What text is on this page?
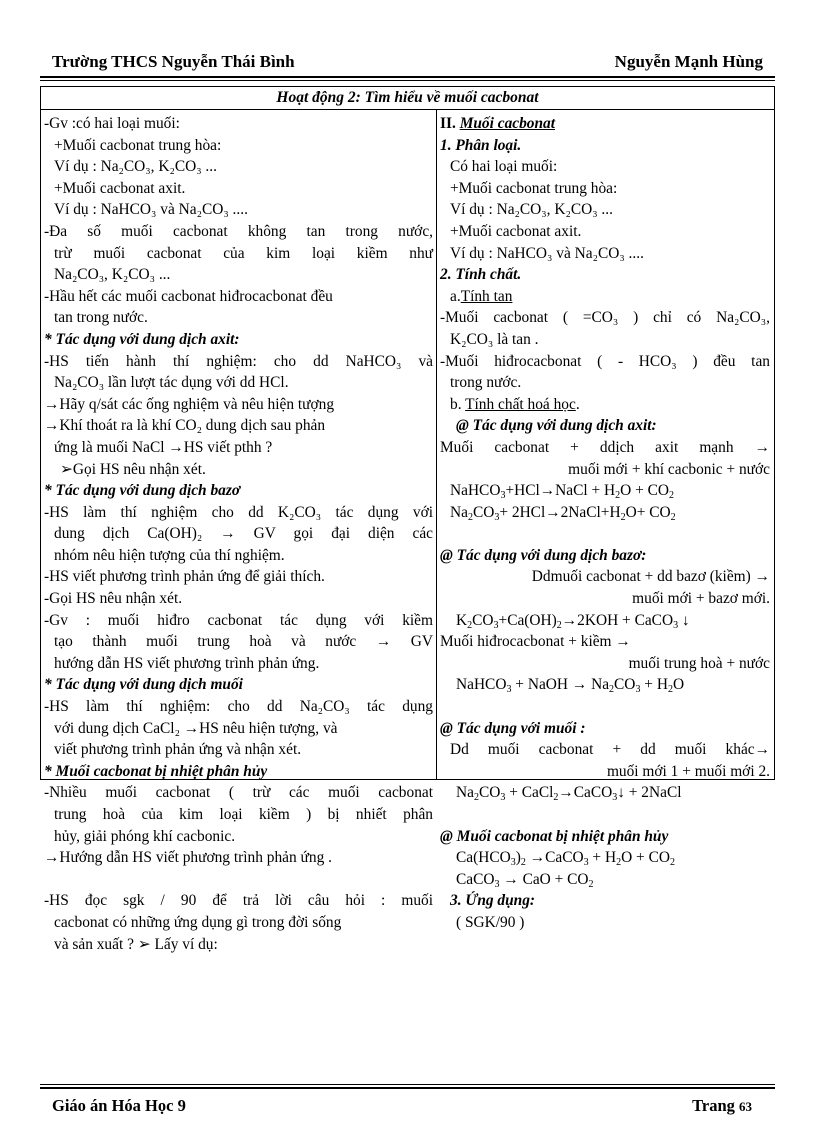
Trường THCS Nguyễn Thái Bình	Nguyễn Mạnh Hùng
Hoạt động 2: Tìm hiểu về muối cacbonat
-Gv :có hai loại muối:
+Muối cacbonat trung hòa:
Ví dụ : Na₂CO₃, K₂CO₃ ...
+Muối cacbonat axit.
Ví dụ : NaHCO₃ và Na₂CO₃ ....
-Đa số muối cacbonat không tan trong nước,
trừ muối cacbonat của kim loại kiềm như
Na₂CO₃, K₂CO₃ ...
-Hầu hết các muối cacbonat hiđrocacbonat đều
tan trong nước.
* Tác dụng với dung dịch axit:
-HS tiến hành thí nghiệm: cho dd NaHCO₃ và
Na₂CO₃ lần lượt tác dụng với dd HCl.
→Hãy q/sát các ống nghiệm và nêu hiện tượng
→Khí thoát ra là khí CO₂ dung dịch sau phản
ứng là muối NaCl →HS viết pthh ?
➢Gọi HS nêu nhận xét.
* Tác dụng với dung dịch bazơ
-HS làm thí nghiệm cho dd K₂CO₃ tác dụng với
dung dịch Ca(OH)₂ → GV gọi đại diện các
nhóm nêu hiện tượng của thí nghiệm.
-HS viết phương trình phản ứng để giải thích.
-Gọi HS nêu nhận xét.
-Gv : muối hiđro cacbonat tác dụng với kiềm
tạo thành muối trung hoà và nước → GV
hướng dẫn HS viết phương trình phản ứng.
* Tác dụng với dung dịch muối
-HS làm thí nghiệm: cho dd Na₂CO₃ tác dụng
với dung dịch CaCl₂ →HS nêu hiện tượng, và
viết phương trình phản ứng và nhận xét.
* Muối cacbonat bị nhiệt phân hủy
-Nhiều muối cacbonat ( trừ các muối cacbonat
trung hoà của kim loại kiềm ) bị nhiết phân
hủy, giải phóng khí cacbonic.
→Hướng dẫn HS viết phương trình phản ứng .
-HS đọc sgk / 90 để trả lời câu hỏi : muối
cacbonat có những ứng dụng gì trong đời sống
và sản xuất ? ➢ Lấy ví dụ:
II. Muối cacbonat
1. Phân loại.
Có hai loại muối:
+Muối cacbonat trung hòa:
Ví dụ : Na₂CO₃, K₂CO₃ ...
+Muối cacbonat axit.
Ví dụ : NaHCO₃ và Na₂CO₃ ....
2. Tính chất.
a.Tính tan
-Muối cacbonat ( =CO₃ ) chỉ có Na₂CO₃,
K₂CO₃ là tan .
-Muối hiđrocacbonat ( - HCO₃ ) đều tan
trong nước.
b. Tính chất hoá học.
@ Tác dụng với dung dịch axit:
Muối cacbonat + ddịch axit mạnh →
muối mới + khí cacbonic + nước
NaHCO$_3$+HCl→NaCl + $H_2O + CO_2$
$Na_2CO_3+$ $2HCl\to 2NaCl+H_2O+ CO_2$
@ Tác dụng với dung dịch bazơ:
Ddmuối cacbonat + dd bazơ (kiềm) →
muối mới + bazơ mới.
$K_2CO_3+Ca(OH)_2\to 2KOH$ + CaCO$_3$ ↓
Muối hiđrocacbonat + kiềm →
muối trung hoà + nước
NaHCO$_3$ + NaOH → $Na_2CO_3 + H_2O$
@ Tác dụng với muối :
Dd muối cacbonat + dd muối khác→
muối mới 1 + muối mới 2.
$Na_2CO_3$ + CaCl$_2$→CaCO$_3$↓ + 2NaCl
@ Muối cacbonat bị nhiệt phân hủy
$Ca(HCO_3)_2$ →CaCO$_3$ + $H_2O + CO_2$
CaCO$_3$ → CaO + $CO_2$
3. Ứng dụng:
( SGK/90 )
Giáo án Hóa Học 9	Trang 63
